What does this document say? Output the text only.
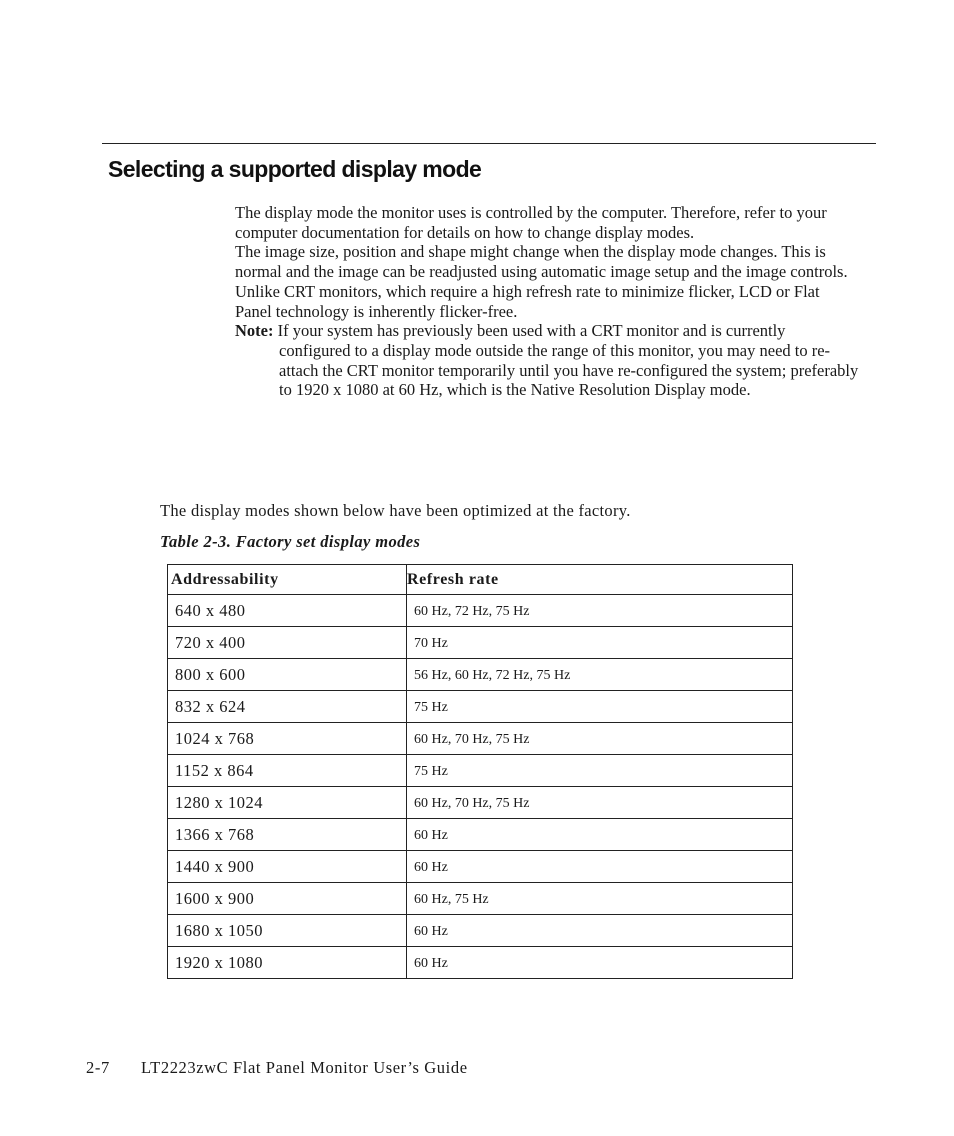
Selecting a supported display mode

The display mode the monitor uses is controlled by the computer. Therefore, refer to your computer documentation for details on how to change display modes.

The image size, position and shape might change when the display mode changes. This is normal and the image can be readjusted using automatic image setup and the image controls.

Unlike CRT monitors, which require a high refresh rate to minimize flicker, LCD or Flat Panel technology is inherently flicker-free.

Note: If your system has previously been used with a CRT monitor and is currently configured to a display mode outside the range of this monitor, you may need to re-attach the CRT monitor temporarily until you have re-configured the system; preferably to 1920 x 1080 at 60 Hz, which is the Native Resolution Display mode.

The display modes shown below have been optimized at the factory.

Table 2-3. Factory set display modes

Addressability	Refresh rate
640 x 480	60 Hz, 72 Hz, 75 Hz
720 x 400	70 Hz
800 x 600	56 Hz, 60 Hz, 72 Hz, 75 Hz
832 x 624	75 Hz
1024 x 768	60 Hz, 70 Hz, 75 Hz
1152 x 864	75 Hz
1280 x 1024	60 Hz, 70 Hz, 75 Hz
1366 x 768	60 Hz
1440 x 900	60 Hz
1600 x 900	60 Hz, 75 Hz
1680 x 1050	60 Hz
1920 x 1080	60 Hz

2-7 LT2223zwC Flat Panel Monitor User’s Guide
